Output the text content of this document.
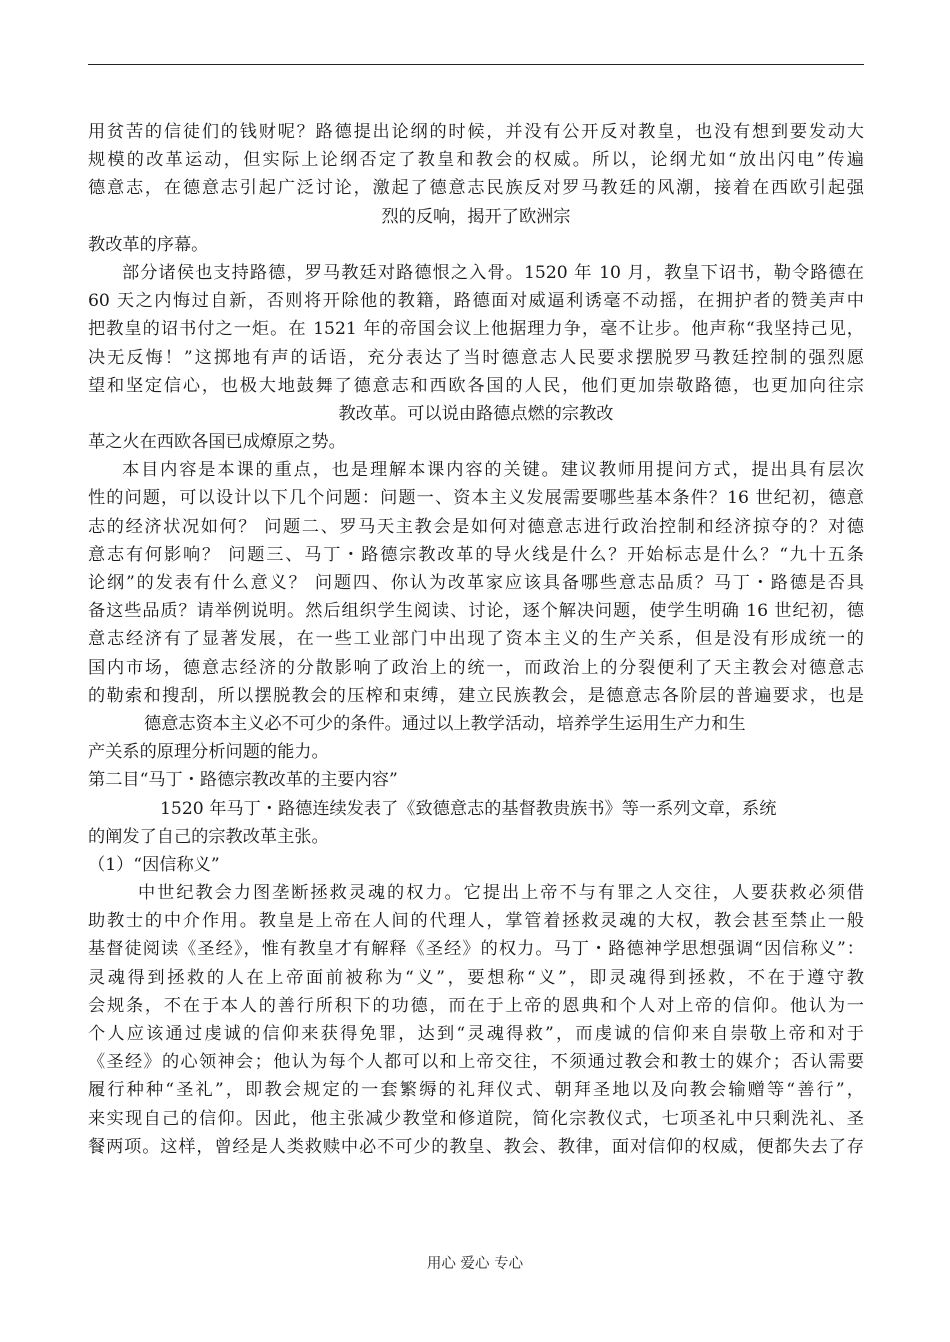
用贫苦的信徒们的钱财呢？路德提出论纲的时候，并没有公开反对教皇，也没有想到要发动大
规模的改革运动，但实际上论纲否定了教皇和教会的权威。所以，论纲尤如“放出闪电”传遍
德意志，在德意志引起广泛讨论，激起了德意志民族反对罗马教廷的风潮，接着在西欧引起强
烈的反响，揭开了欧洲宗
教改革的序幕。
部分诸侯也支持路德，罗马教廷对路德恨之入骨。1520 年 10 月，教皇下诏书，勒令路德在
60 天之内悔过自新，否则将开除他的教籍，路德面对威逼利诱毫不动摇，在拥护者的赞美声中
把教皇的诏书付之一炬。在 1521 年的帝国会议上他据理力争，毫不让步。他声称“我坚持己见，
决无反悔！”这掷地有声的话语，充分表达了当时德意志人民要求摆脱罗马教廷控制的强烈愿
望和坚定信心，也极大地鼓舞了德意志和西欧各国的人民，他们更加崇敬路德，也更加向往宗
教改革。可以说由路德点燃的宗教改
革之火在西欧各国已成燎原之势。
本目内容是本课的重点，也是理解本课内容的关键。建议教师用提问方式，提出具有层次
性的问题，可以设计以下几个问题：问题一、资本主义发展需要哪些基本条件？16 世纪初，德意
志的经济状况如何？ 问题二、罗马天主教会是如何对德意志进行政治控制和经济掠夺的？对德
意志有何影响？ 问题三、马丁・路德宗教改革的导火线是什么？开始标志是什么？“九十五条
论纲”的发表有什么意义？ 问题四、你认为改革家应该具备哪些意志品质？马丁・路德是否具
备这些品质？请举例说明。然后组织学生阅读、讨论，逐个解决问题，使学生明确 16 世纪初，德
意志经济有了显著发展，在一些工业部门中出现了资本主义的生产关系，但是没有形成统一的
国内市场，德意志经济的分散影响了政治上的统一，而政治上的分裂便利了天主教会对德意志
的勒索和搜刮，所以摆脱教会的压榨和束缚，建立民族教会，是德意志各阶层的普遍要求，也是
德意志资本主义必不可少的条件。通过以上教学活动，培养学生运用生产力和生
产关系的原理分析问题的能力。
第二目“马丁・路德宗教改革的主要内容”
1520 年马丁・路德连续发表了《致德意志的基督教贵族书》等一系列文章，系统
的阐发了自己的宗教改革主张。
（1）“因信称义”
中世纪教会力图垄断拯救灵魂的权力。它提出上帝不与有罪之人交往，人要获救必须借
助教士的中介作用。教皇是上帝在人间的代理人，掌管着拯救灵魂的大权，教会甚至禁止一般
基督徒阅读《圣经》，惟有教皇才有解释《圣经》的权力。马丁・路德神学思想强调“因信称义”：
灵魂得到拯救的人在上帝面前被称为“义”，要想称“义”，即灵魂得到拯救，不在于遵守教
会规条，不在于本人的善行所积下的功德，而在于上帝的恩典和个人对上帝的信仰。他认为一
个人应该通过虔诚的信仰来获得免罪，达到“灵魂得救”，而虔诚的信仰来自崇敬上帝和对于
《圣经》的心领神会；他认为每个人都可以和上帝交往，不须通过教会和教士的媒介；否认需要
履行种种“圣礼”，即教会规定的一套繁缛的礼拜仪式、朝拜圣地以及向教会输赠等“善行”，
来实现自己的信仰。因此，他主张减少教堂和修道院，简化宗教仪式，七项圣礼中只剩洗礼、圣
餐两项。这样，曾经是人类救赎中必不可少的教皇、教会、教律，面对信仰的权威，便都失去了存
用心 爱心 专心
